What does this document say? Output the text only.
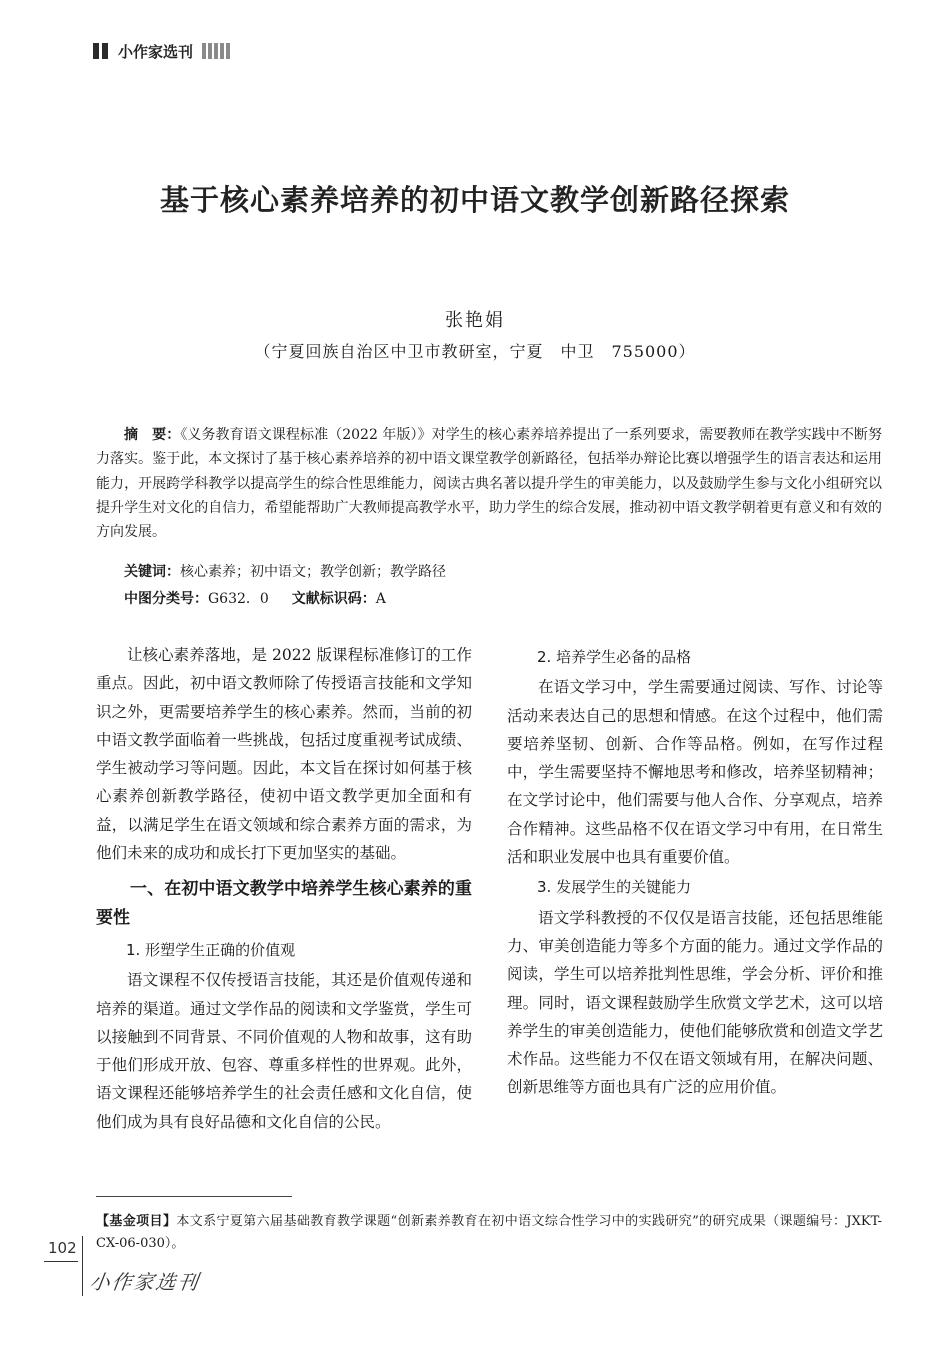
小作家选刊
基于核心素养培养的初中语文教学创新路径探索
张艳娟
（宁夏回族自治区中卫市教研室，宁夏　中卫　755000）

摘　要：《义务教育语文课程标准（2022 年版）》对学生的核心素养培养提出了一系列要求，需要教师在教学实践中不断努力落实。鉴于此，本文探讨了基于核心素养培养的初中语文课堂教学创新路径，包括举办辩论比赛以增强学生的语言表达和运用能力，开展跨学科教学以提高学生的综合性思维能力，阅读古典名著以提升学生的审美能力，以及鼓励学生参与文化小组研究以提升学生对文化的自信力，希望能帮助广大教师提高教学水平，助力学生的综合发展，推动初中语文教学朝着更有意义和有效的方向发展。

关键词：核心素养；初中语文；教学创新；教学路径
中图分类号：G632．0 文献标识码：A

让核心素养落地，是 2022 版课程标准修订的工作重点。因此，初中语文教师除了传授语言技能和文学知识之外，更需要培养学生的核心素养。然而，当前的初中语文教学面临着一些挑战，包括过度重视考试成绩、学生被动学习等问题。因此，本文旨在探讨如何基于核心素养创新教学路径，使初中语文教学更加全面和有益，以满足学生在语文领域和综合素养方面的需求，为他们未来的成功和成长打下更加坚实的基础。

一、在初中语文教学中培养学生核心素养的重要性
1. 形塑学生正确的价值观

语文课程不仅传授语言技能，其还是价值观传递和培养的渠道。通过文学作品的阅读和文学鉴赏，学生可以接触到不同背景、不同价值观的人物和故事，这有助于他们形成开放、包容、尊重多样性的世界观。此外，语文课程还能够培养学生的社会责任感和文化自信，使他们成为具有良好品德和文化自信的公民。

2. 培养学生必备的品格

在语文学习中，学生需要通过阅读、写作、讨论等活动来表达自己的思想和情感。在这个过程中，他们需要培养坚韧、创新、合作等品格。例如，在写作过程中，学生需要坚持不懈地思考和修改，培养坚韧精神；在文学讨论中，他们需要与他人合作、分享观点，培养合作精神。这些品格不仅在语文学习中有用，在日常生活和职业发展中也具有重要价值。

3. 发展学生的关键能力

语文学科教授的不仅仅是语言技能，还包括思维能力、审美创造能力等多个方面的能力。通过文学作品的阅读，学生可以培养批判性思维，学会分析、评价和推理。同时，语文课程鼓励学生欣赏文学艺术，这可以培养学生的审美创造能力，使他们能够欣赏和创造文学艺术作品。这些能力不仅在语文领域有用，在解决问题、创新思维等方面也具有广泛的应用价值。

【基金项目】本文系宁夏第六届基础教育教学课题“创新素养教育在初中语文综合性学习中的实践研究”的研究成果（课题编号：JXKT-CX-06-030）。
102
小作家选刊
